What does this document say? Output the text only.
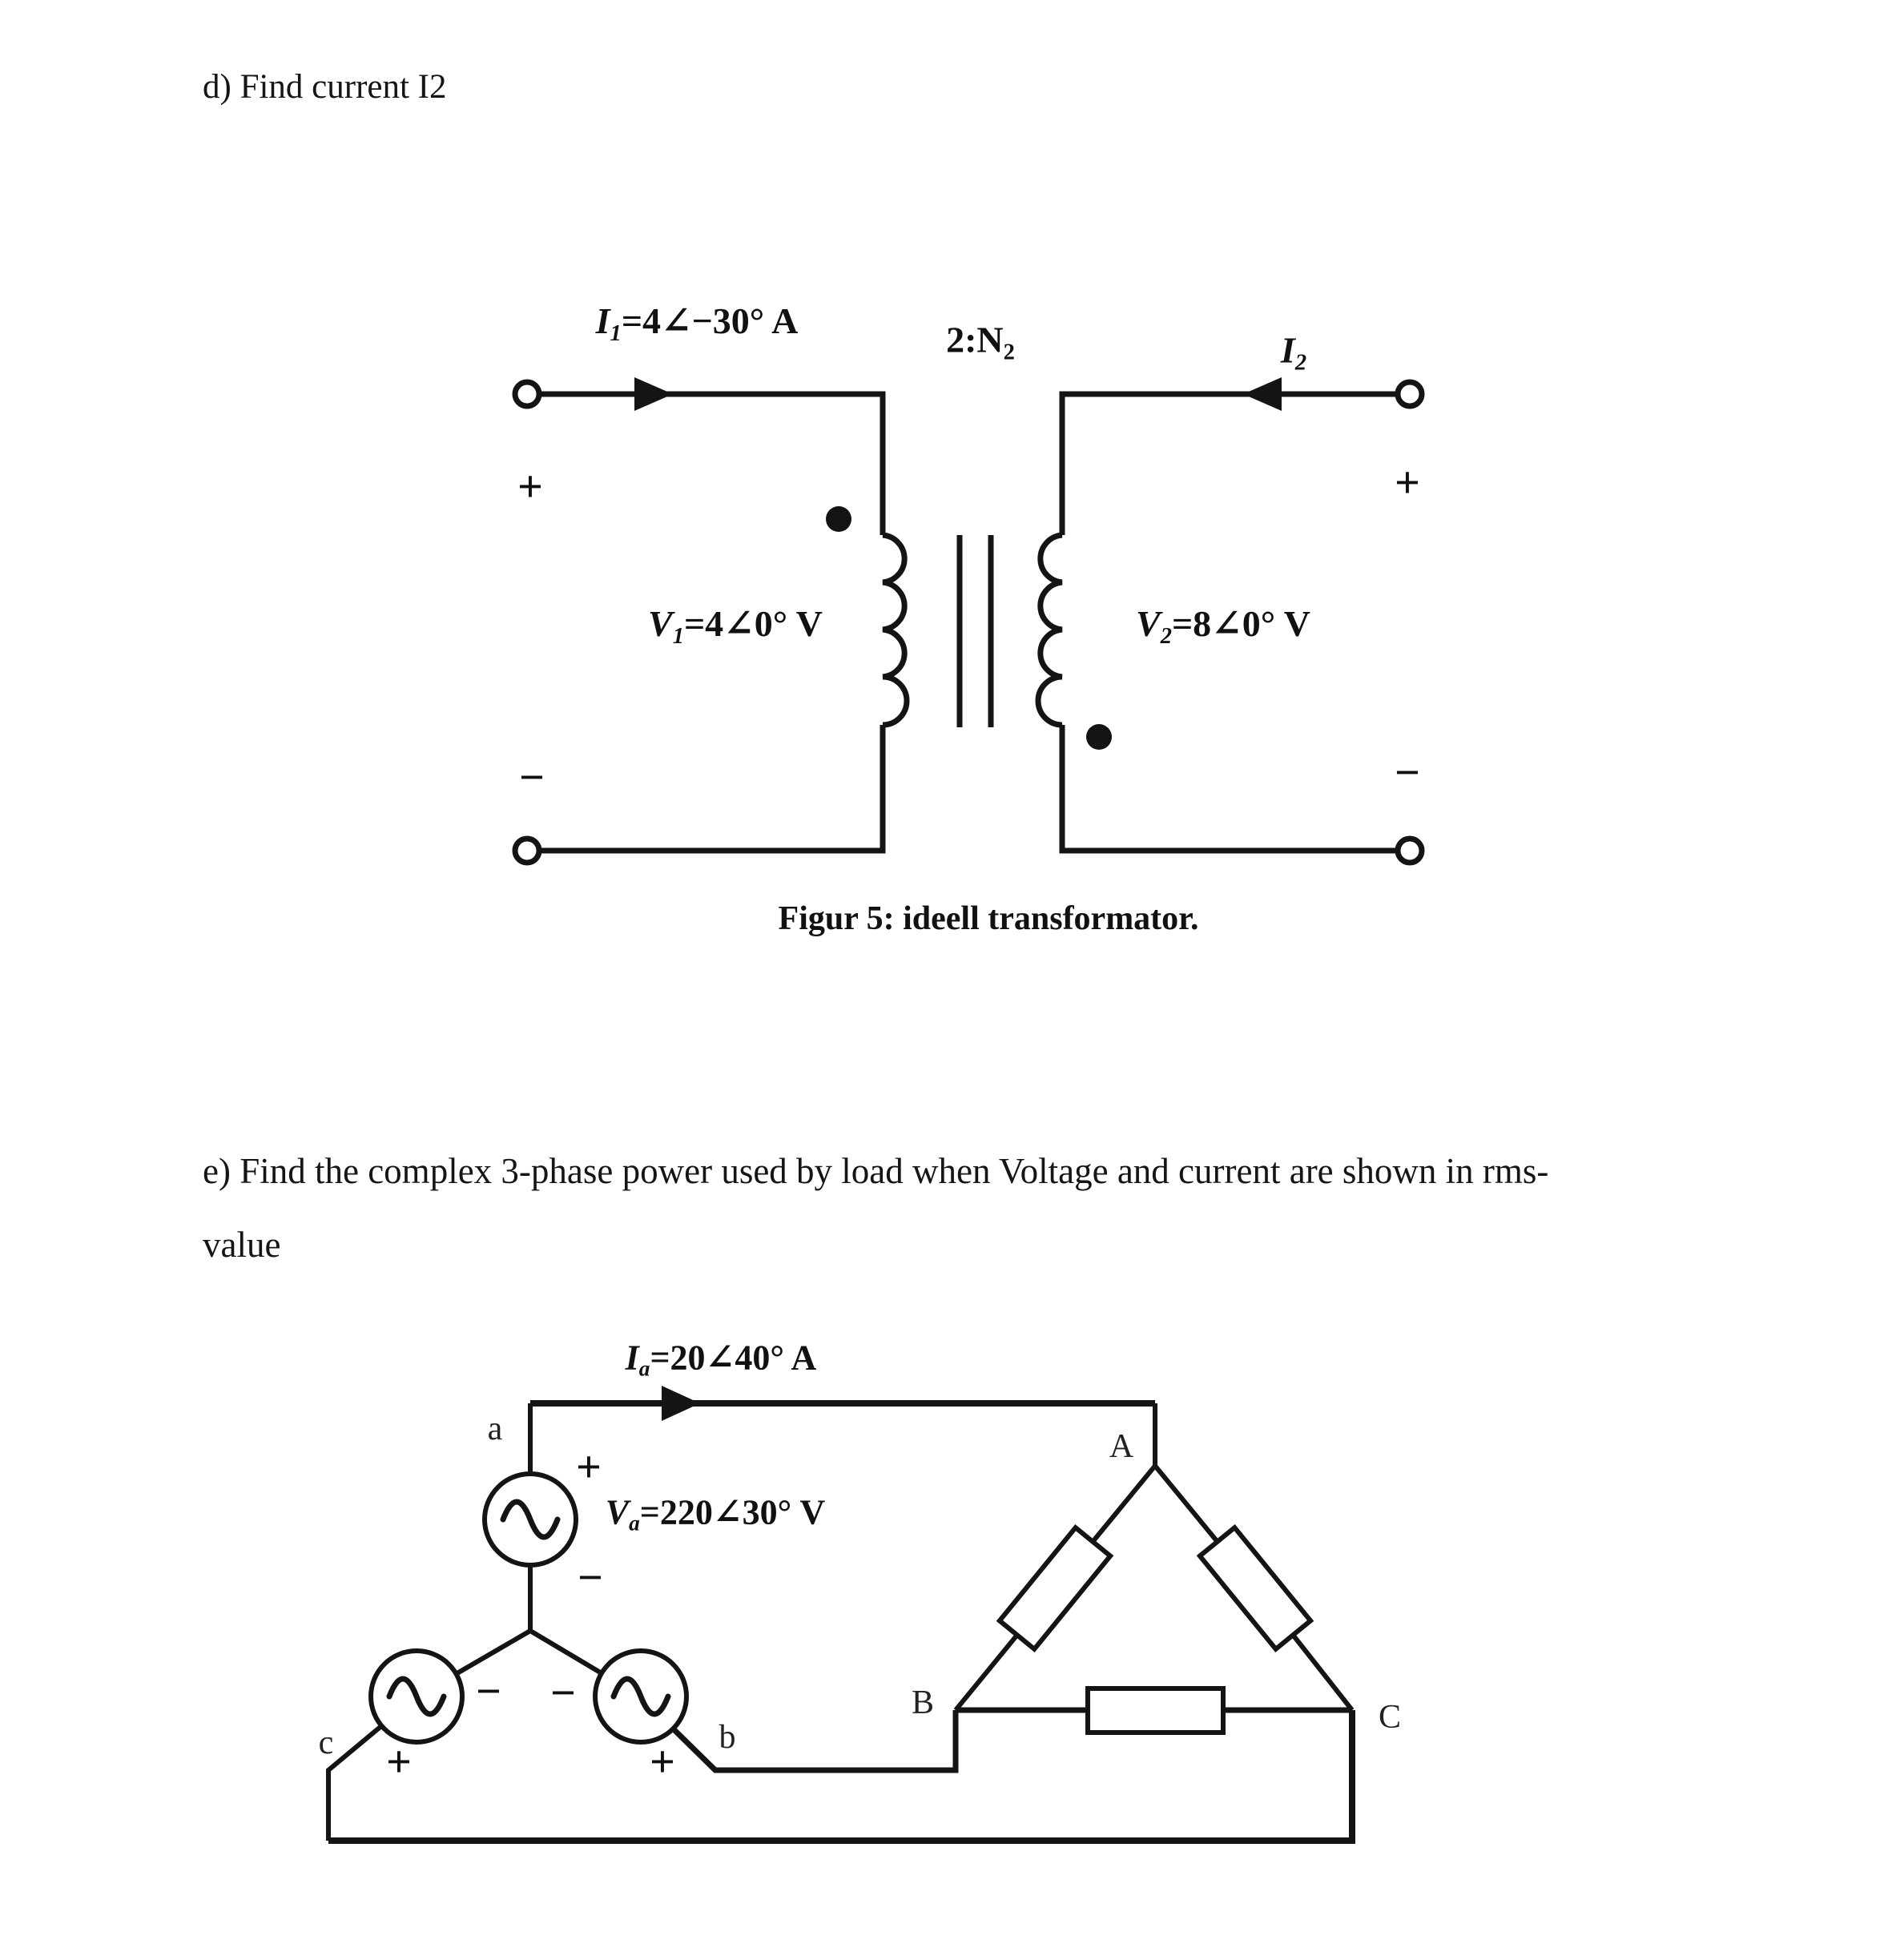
d) Find current I2
I1=4∠−30° A	2:N2	I2
+	+
V1=4∠0° V	V2=8∠0° V
−	−
Figur 5: ideell transformator.
e) Find the complex 3-phase power used by load when Voltage and current are shown in rms-
value
Ia=20∠40° A
Va=220∠30° V
a
b
c
A
B	C
+
−
− −
+	+
